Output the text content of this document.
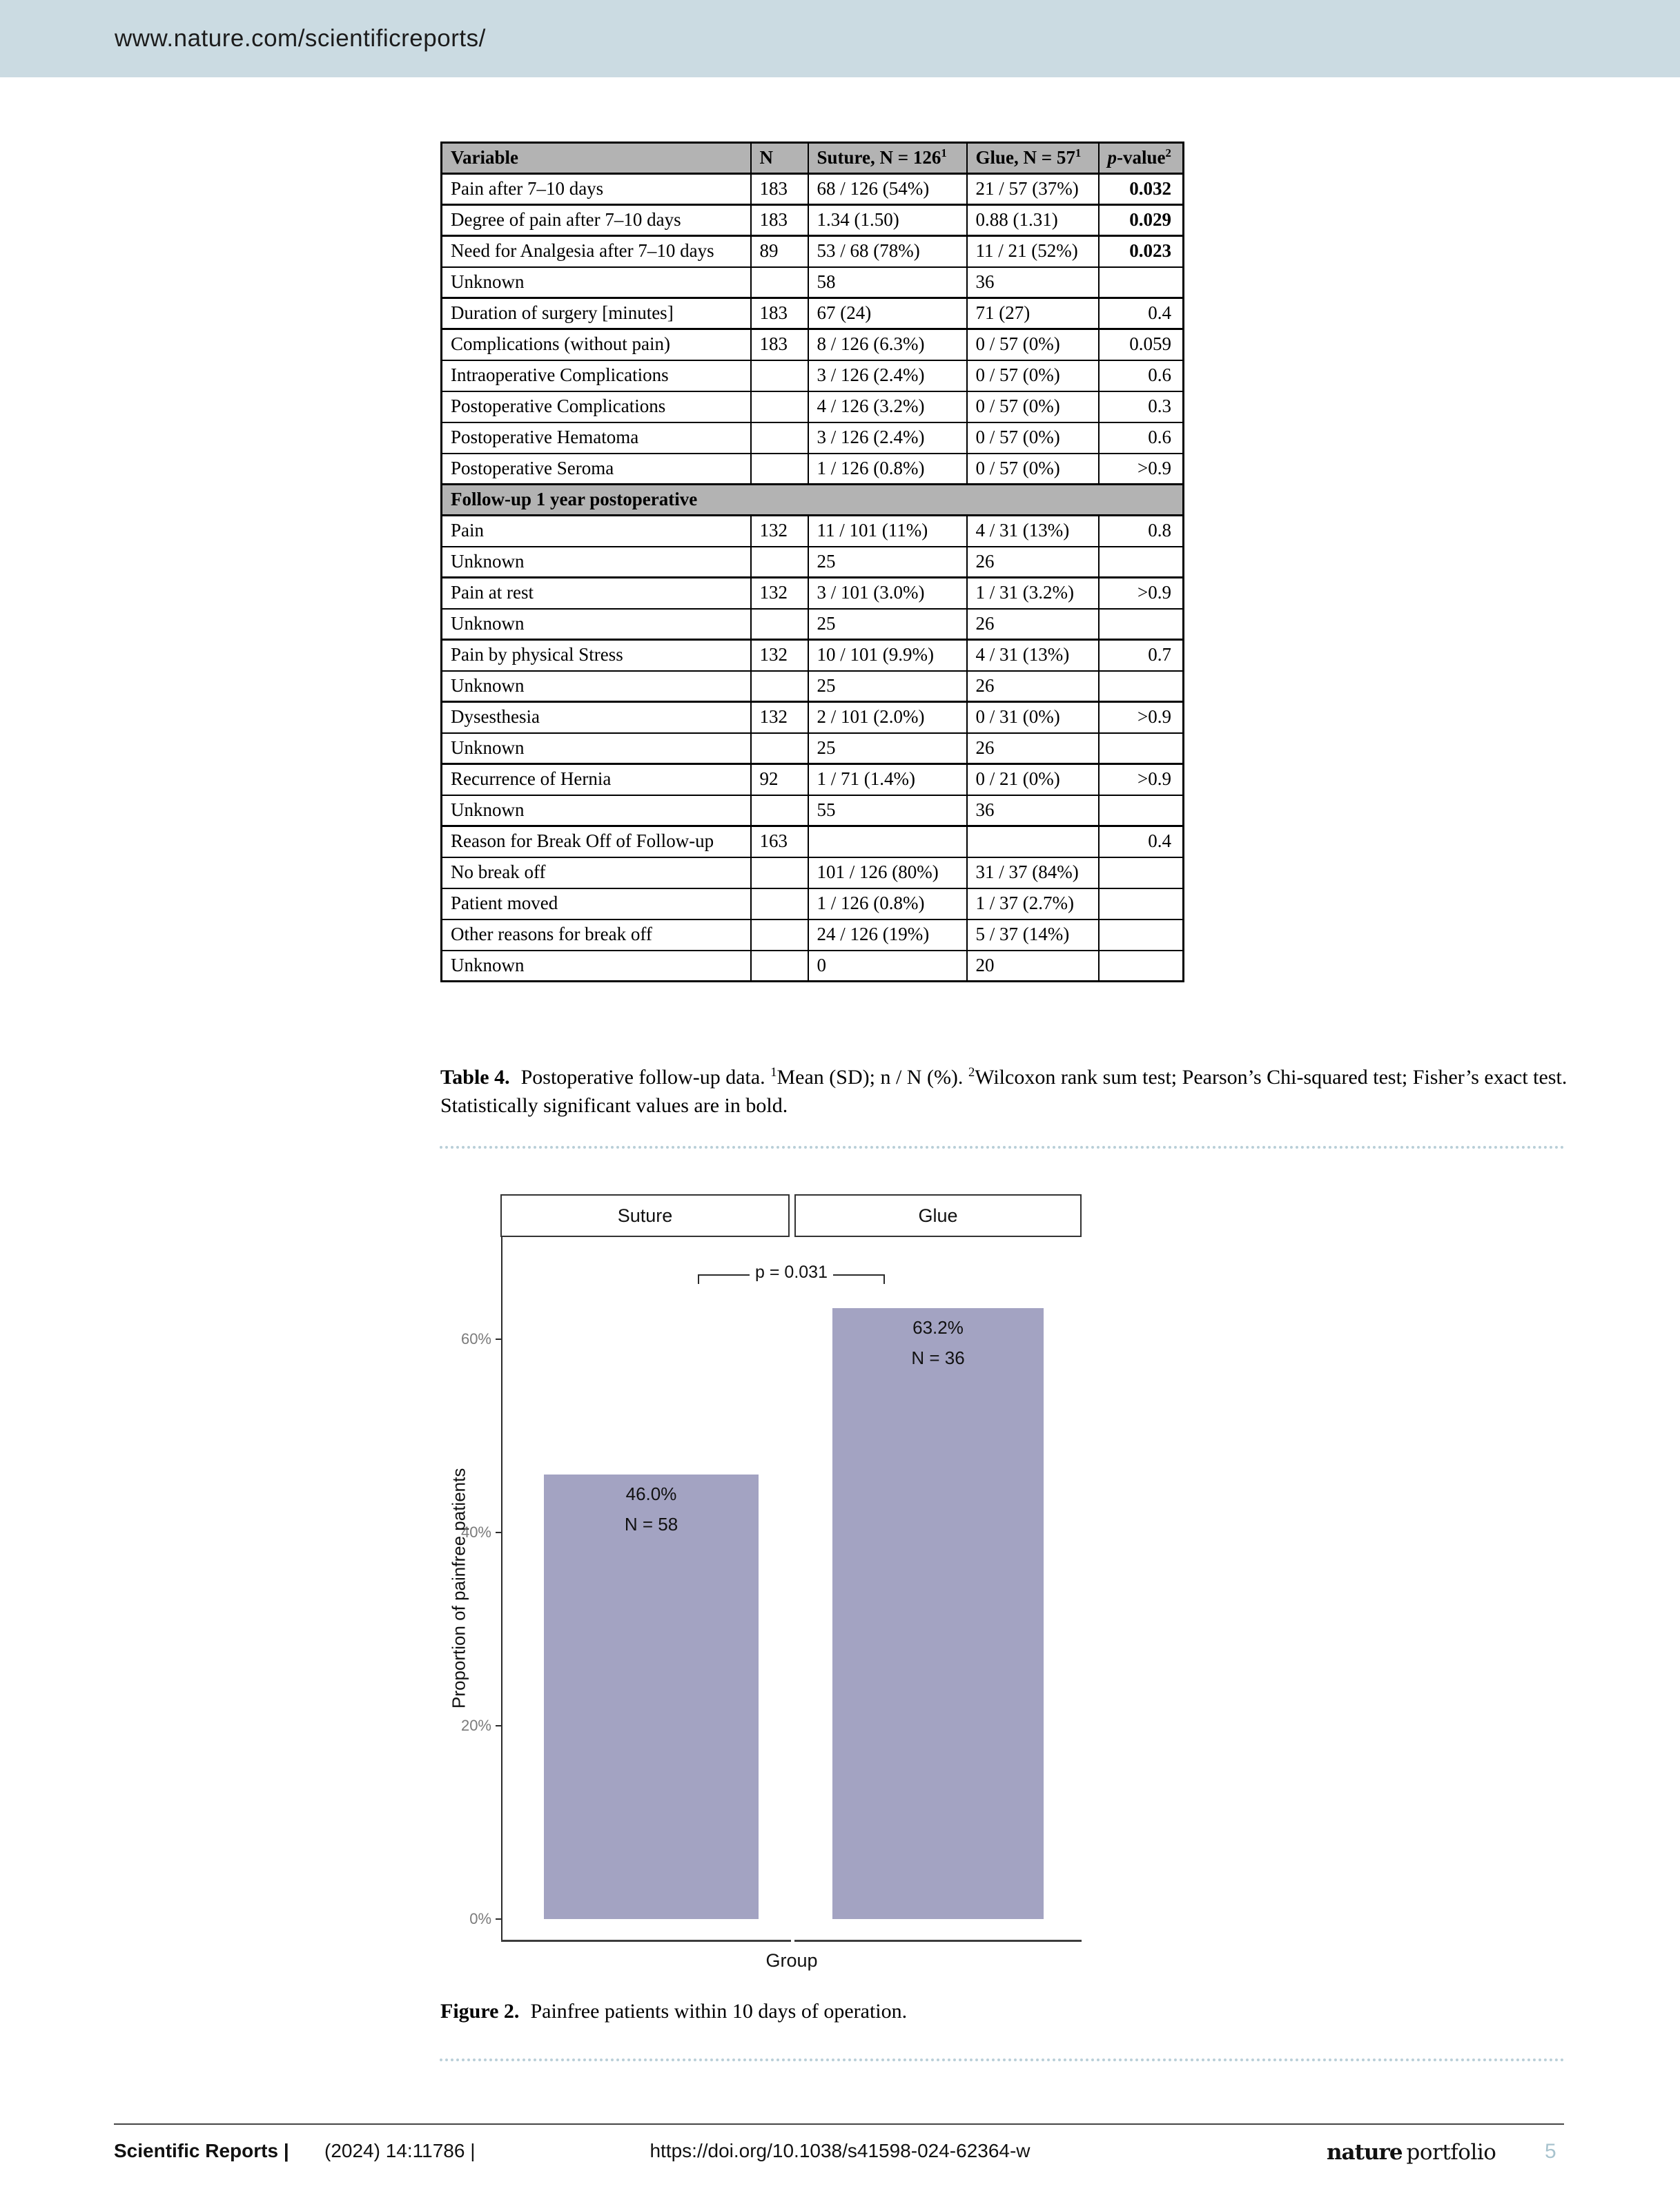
www.nature.com/scientificreports/
Variable	N	Suture, $N = 126^1$	Glue, $N = 57^1$	p-value$^2$
Pain after 7–10 days	183	68 / 126 (54%)	21 / 57 (37%)	0.032
Degree of pain after 7–10 days	183	1.34 (1.50)	0.88 (1.31)	0.029
Need for Analgesia after 7–10 days	89	53 / 68 (78%)	11 / 21 (52%)	0.023
Unknown		58	36	
Duration of surgery [minutes]	183	67 (24)	71 (27)	0.4
Complications (without pain)	183	8 / 126 (6.3%)	0 / 57 (0%)	0.059
Intraoperative Complications		3 / 126 (2.4%)	0 / 57 (0%)	0.6
Postoperative Complications		4 / 126 (3.2%)	0 / 57 (0%)	0.3
Postoperative Hematoma		3 / 126 (2.4%)	0 / 57 (0%)	0.6
Postoperative Seroma		1 / 126 (0.8%)	0 / 57 (0%)	>0.9
Follow-up 1 year postoperative				
Pain	132	11 / 101 (11%)	4 / 31 (13%)	0.8
Unknown		25	26	
Pain at rest	132	3 / 101 (3.0%)	1 / 31 (3.2%)	>0.9
Unknown		25	26	
Pain by physical Stress	132	10 / 101 (9.9%)	4 / 31 (13%)	0.7
Unknown		25	26	
Dysesthesia	132	2 / 101 (2.0%)	0 / 31 (0%)	>0.9
Unknown		25	26	
Recurrence of Hernia	92	1 / 71 (1.4%)	0 / 21 (0%)	>0.9
Unknown		55	36	
Reason for Break Off of Follow-up	163			0.4
No break off		101 / 126 (80%)	31 / 37 (84%)	
Patient moved		1 / 126 (0.8%)	1 / 37 (2.7%)	
Other reasons for break off		24 / 126 (19%)	5 / 37 (14%)	
Unknown		0	20	

Table 4. Postoperative follow-up data. $^1$Mean (SD); n / N (%). $^2$Wilcoxon rank sum test; Pearson’s Chi-squared test; Fisher’s exact test. Statistically significant values are in bold.

Suture	Glue
Proportion of painfree patients
0%
20%
40%
60%
46.0%
N = 58
63.2%
N = 36
p = 0.031
Group

Figure 2. Painfree patients within 10 days of operation.

Scientific Reports | (2024) 14:11786 |	https://doi.org/10.1038/s41598-024-62364-w	nature portfolio 5
